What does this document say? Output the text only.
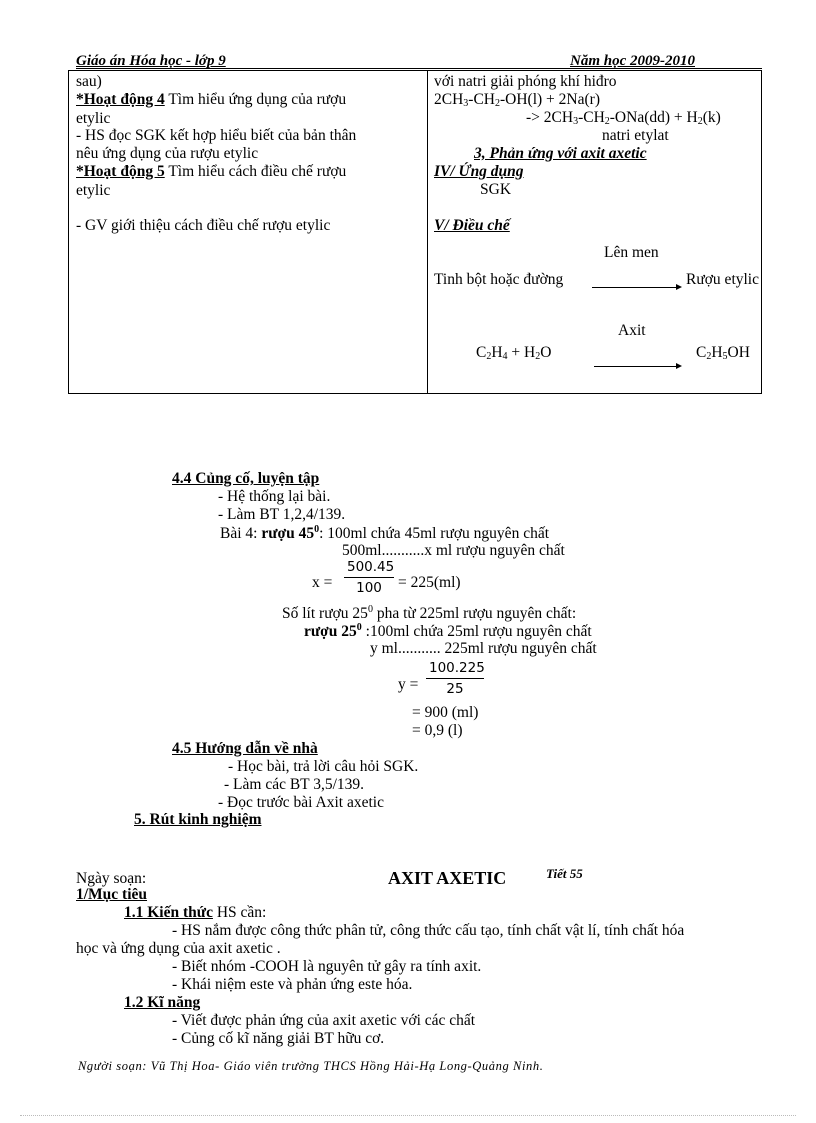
Giáo án Hóa học - lớp 9	Năm học 2009-2010
sau)
*Hoạt động 4 Tìm hiểu ứng dụng của rượu
etylic
- HS đọc SGK kết hợp hiểu biết của bản thân
nêu ứng dụng của rượu etylic
*Hoạt động 5 Tìm hiểu cách điều chế rượu
etylic
- GV giới thiệu cách điều chế rượu etylic
với natri giải phóng khí hiđro
$2CH_3-CH_2-OH(l) + 2Na(r)$
-> $2CH_3-CH_2-ONa(dd) + H_2(k)$
natri etylat
3, Phản ứng với axit axetic
IV/ Ứng dụng
SGK
V/ Điều chế
Lên men
Tinh bột hoặc đường	Rượu etylic
Axit
$C_2H_4 + H_2O$	$C_2H_5OH$
4.4 Củng cố, luyện tập
- Hệ thống lại bài.
- Làm BT 1,2,4/139.
Bài 4: rượu $45^0$: 100ml chứa 45ml rượu nguyên chất
500ml...........x ml rượu nguyên chất
$x = \frac{500.45}{100} = 225(ml)$
Số lít rượu $25^0$ pha từ 225ml rượu nguyên chất:
rượu $25^0$ :100ml chứa 25ml rượu nguyên chất
y ml........... 225ml rượu nguyên chất
$y = \frac{100.225}{25}$
= 900 (ml)
= 0,9 (l)
4.5 Hướng dẫn về nhà
- Học bài, trả lời câu hỏi SGK.
- Làm các BT 3,5/139.
- Đọc trước bài Axit axetic
5. Rút kinh nghiệm
Ngày soạn:	AXIT AXETIC	Tiết 55
1/Mục tiêu
1.1 Kiến thức HS cần:
- HS nắm được công thức phân tử, công thức cấu tạo, tính chất vật lí, tính chất hóa
học và ứng dụng của axit axetic .
- Biết nhóm -COOH là nguyên tử gây ra tính axit.
- Khái niệm este và phản ứng este hóa.
1.2 Kĩ năng
- Viết được phản ứng của axit axetic với các chất
- Củng cố kĩ năng giải BT hữu cơ.
Người soạn: Vũ Thị Hoa- Giáo viên trường THCS Hồng Hải-Hạ Long-Quảng Ninh.
